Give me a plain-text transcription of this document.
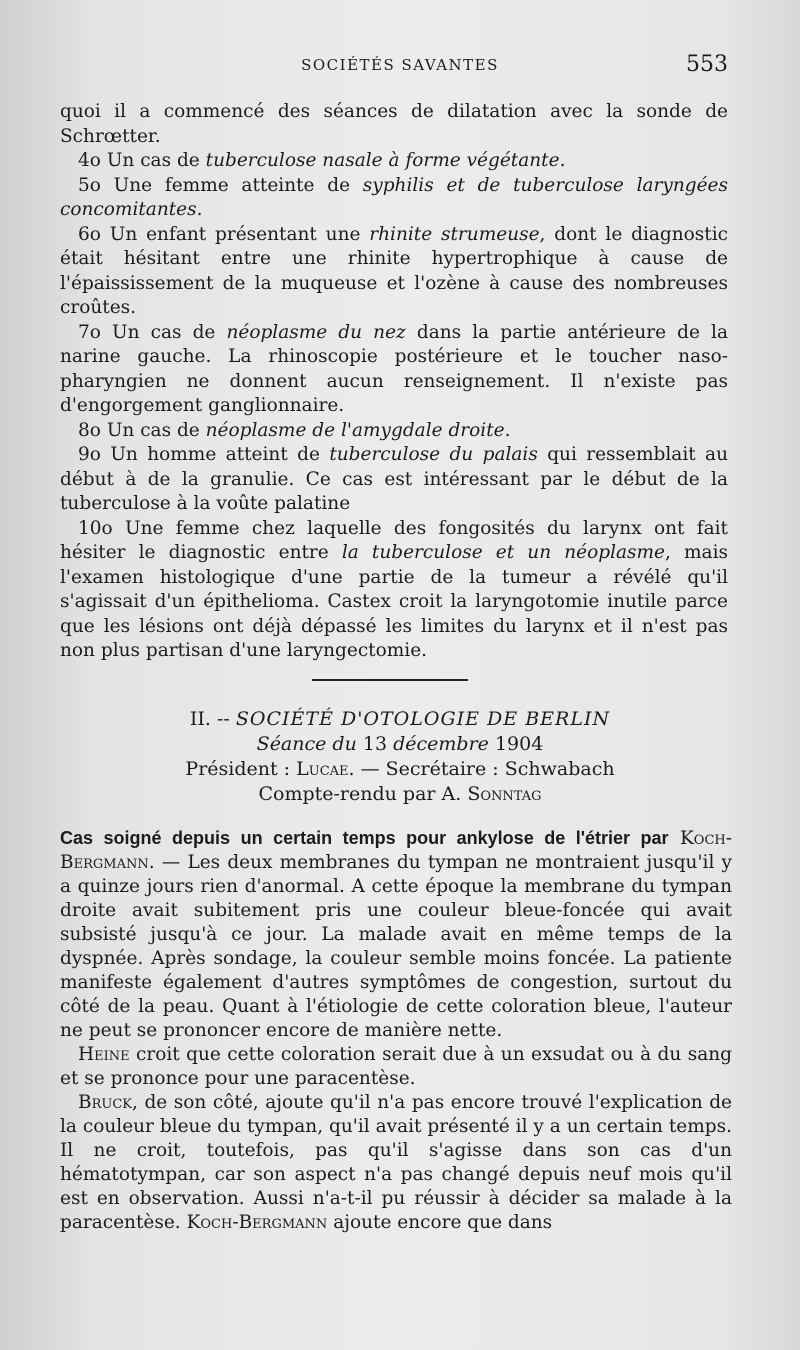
SOCIÉTÉS SAVANTES	553

quoi il a commencé des séances de dilatation avec la sonde de Schrœtter.

4o Un cas de tuberculose nasale à forme végétante.

5o Une femme atteinte de syphilis et de tuberculose laryngées concomitantes.

6o Un enfant présentant une rhinite strumeuse, dont le diagnostic était hésitant entre une rhinite hypertrophique à cause de l'épaississement de la muqueuse et l'ozène à cause des nombreuses croûtes.

7o Un cas de néoplasme du nez dans la partie antérieure de la narine gauche. La rhinoscopie postérieure et le toucher naso-pharyngien ne donnent aucun renseignement. Il n'existe pas d'engorgement ganglionnaire.

8o Un cas de néoplasme de l'amygdale droite.

9o Un homme atteint de tuberculose du palais qui ressemblait au début à de la granulie. Ce cas est intéressant par le début de la tuberculose à la voûte palatine

10o Une femme chez laquelle des fongosités du larynx ont fait hésiter le diagnostic entre la tuberculose et un néoplasme, mais l'examen histologique d'une partie de la tumeur a révélé qu'il s'agissait d'un épithelioma. Castex croit la laryngotomie inutile parce que les lésions ont déjà dépassé les limites du larynx et il n'est pas non plus partisan d'une laryngectomie.

II. -- SOCIÉTÉ D'OTOLOGIE DE BERLIN
Séance du 13 décembre 1904
Président : Lucae. — Secrétaire : Schwabach
Compte-rendu par A. Sonntag

Cas soigné depuis un certain temps pour ankylose de l'étrier par Koch-Bergmann. — Les deux membranes du tympan ne montraient jusqu'il y a quinze jours rien d'anormal. A cette époque la membrane du tympan droite avait subitement pris une couleur bleue-foncée qui avait subsisté jusqu'à ce jour. La malade avait en même temps de la dyspnée. Après sondage, la couleur semble moins foncée. La patiente manifeste également d'autres symptômes de congestion, surtout du côté de la peau. Quant à l'étiologie de cette coloration bleue, l'auteur ne peut se prononcer encore de manière nette.

Heine croit que cette coloration serait due à un exsudat ou à du sang et se prononce pour une paracentèse.

Bruck, de son côté, ajoute qu'il n'a pas encore trouvé l'explication de la couleur bleue du tympan, qu'il avait présenté il y a un certain temps. Il ne croit, toutefois, pas qu'il s'agisse dans son cas d'un hématotympan, car son aspect n'a pas changé depuis neuf mois qu'il est en observation. Aussi n'a-t-il pu réussir à décider sa malade à la paracentèse. Koch-Bergmann ajoute encore que dans
